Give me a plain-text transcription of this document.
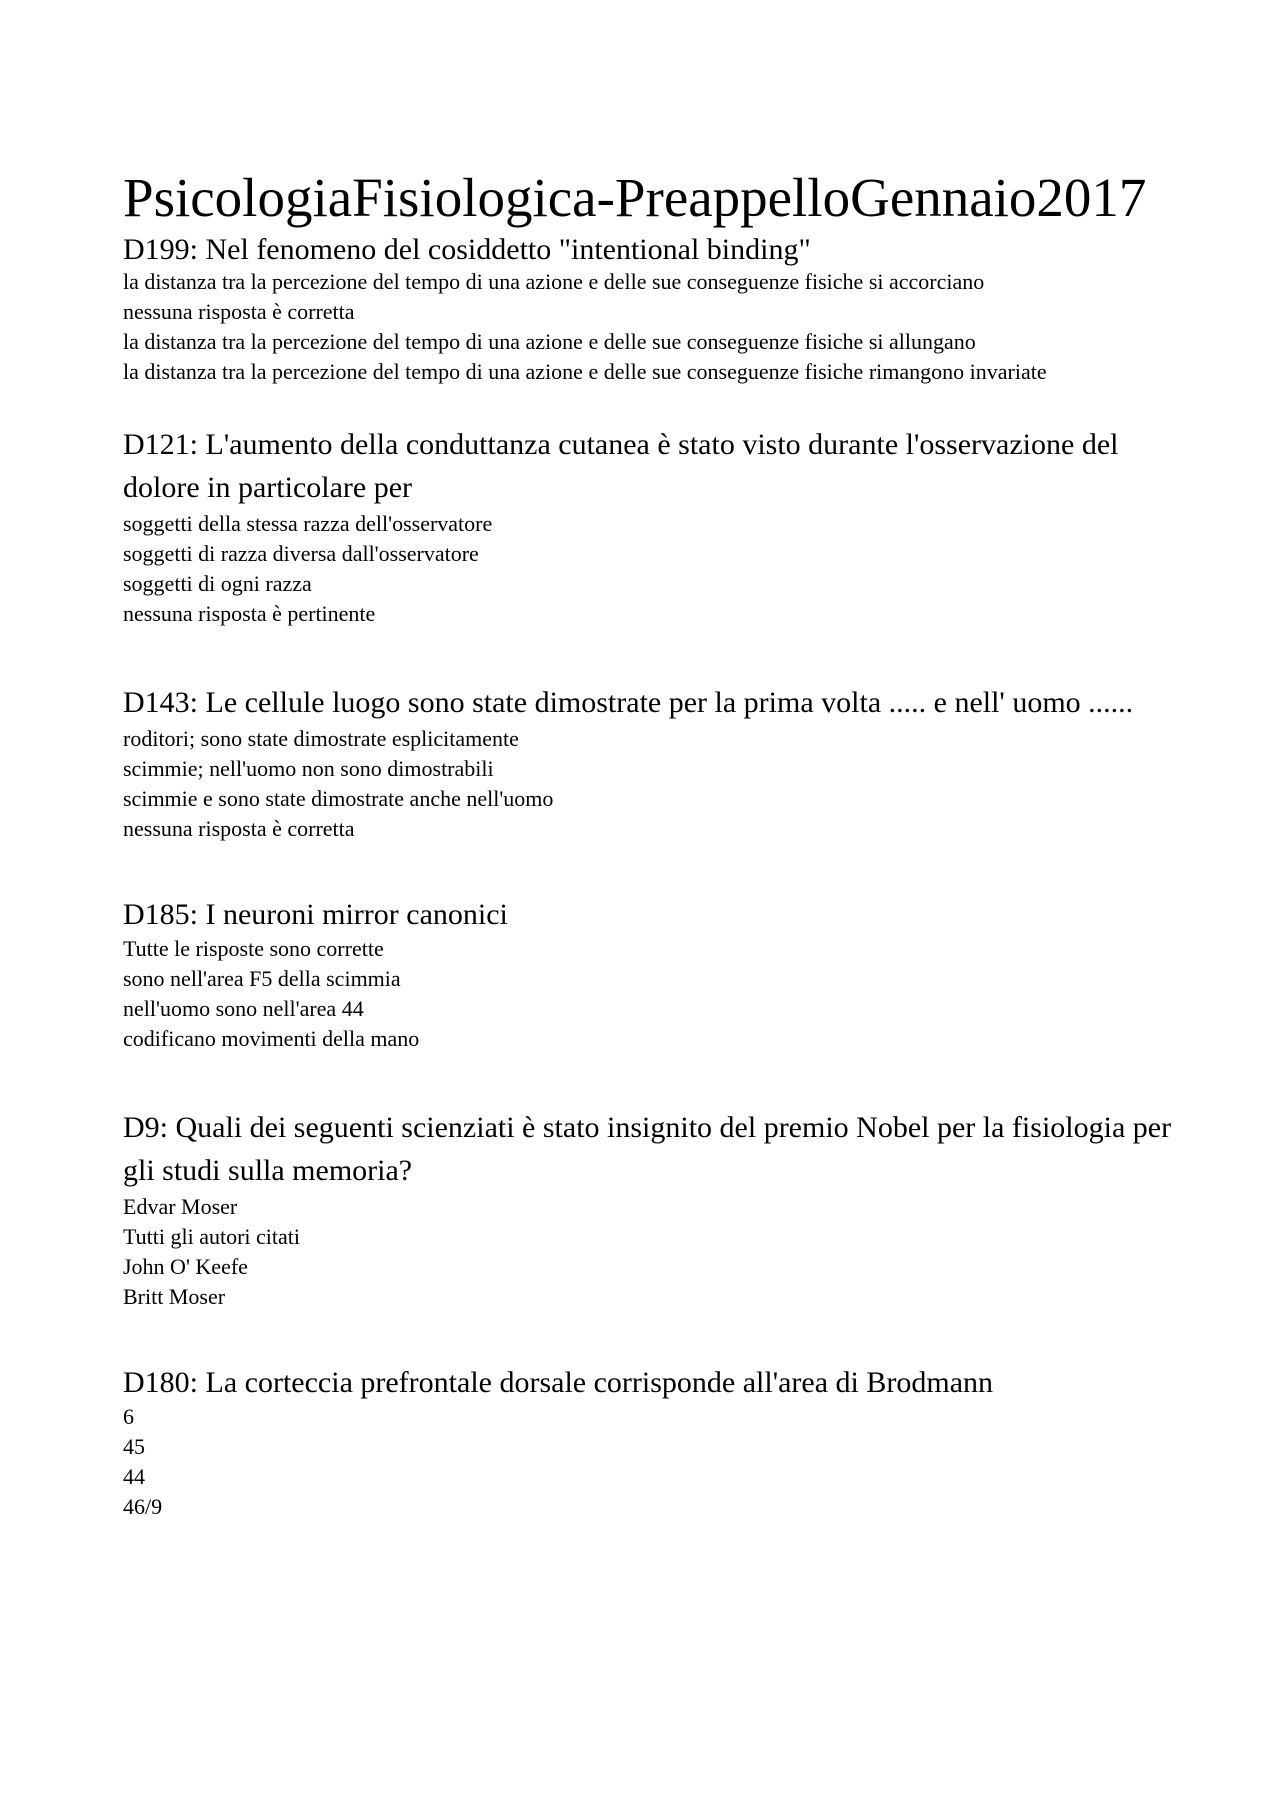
PsicologiaFisiologica-PreappelloGennaio2017
D199: Nel fenomeno del cosiddetto "intentional binding"
la distanza tra la percezione del tempo di una azione e delle sue conseguenze fisiche si accorciano
nessuna risposta è corretta
la distanza tra la percezione del tempo di una azione e delle sue conseguenze fisiche si allungano
la distanza tra la percezione del tempo di una azione e delle sue conseguenze fisiche rimangono invariate
D121: L'aumento della conduttanza cutanea è stato visto durante l'osservazione del dolore in particolare per
soggetti della stessa razza dell'osservatore
soggetti di razza diversa dall'osservatore
soggetti di ogni razza
nessuna risposta è pertinente
D143: Le cellule luogo sono state dimostrate per la prima volta ..... e nell' uomo ......
roditori; sono state dimostrate esplicitamente
scimmie; nell'uomo non sono dimostrabili
scimmie e sono state dimostrate anche nell'uomo
nessuna risposta è corretta
D185: I neuroni mirror canonici
Tutte le risposte sono corrette
sono nell'area F5 della scimmia
nell'uomo sono nell'area 44
codificano movimenti della mano
D9: Quali dei seguenti scienziati è stato insignito del premio Nobel per la fisiologia per gli studi sulla memoria?
Edvar Moser
Tutti gli autori citati
John O' Keefe
Britt Moser
D180: La corteccia prefrontale dorsale corrisponde all'area di Brodmann
6
45
44
46/9
